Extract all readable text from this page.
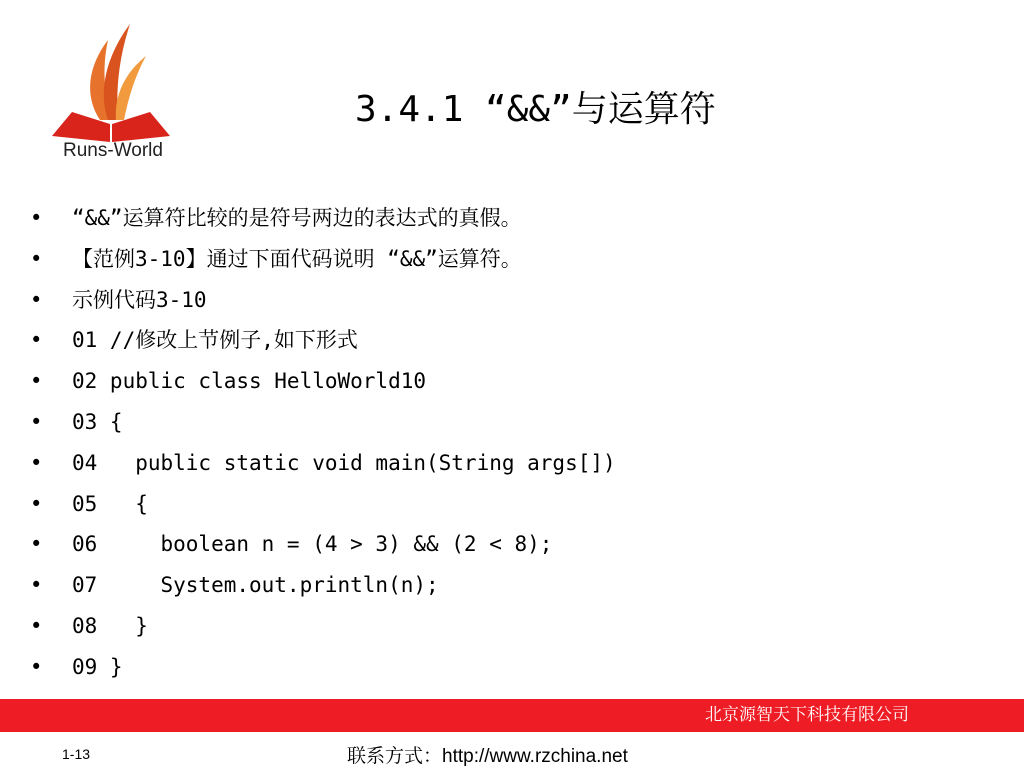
Runs-World
3.4.1 “&&”与运算符
• “&&”运算符比较的是符号两边的表达式的真假。
• 【范例3-10】通过下面代码说明 “&&”运算符。
• 示例代码3-10
• 01 //修改上节例子,如下形式
• 02 public class HelloWorld10
• 03 {
• 04   public static void main(String args[])
• 05   {
• 06     boolean n = (4 > 3) && (2 < 8);
• 07     System.out.println(n);
• 08   }
• 09 }
北京源智天下科技有限公司
1-13	联系方式：http://www.rzchina.net
